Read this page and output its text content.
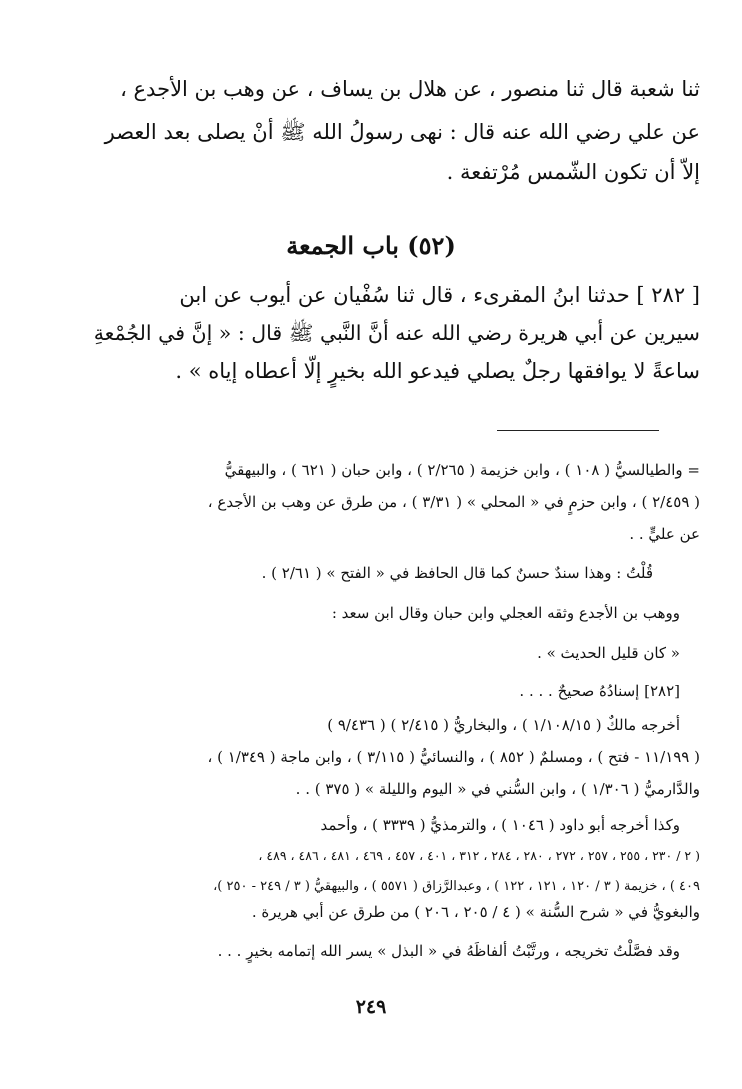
ثنا شعبة قال ثنا منصور ، عن هلال بن يساف ، عن وهب بن الأجدع ،
عن علي رضي الله عنه قال : نهى رسولُ الله ﷺ أنْ يصلى بعد العصر
إلاّ أن تكون الشّمس مُرْتفعة .
(٥٢) باب الجمعة
[ ٢٨٢ ] حدثنا ابنُ المقرىء ، قال ثنا سُفْيان عن أيوب عن ابن
سيرين عن أبي هريرة رضي الله عنه أنَّ النَّبي ﷺ قال : « إنَّ في الجُمْعةِ
ساعةً لا يوافقها رجلٌ يصلي فيدعو الله بخيرٍ إلّا أعطاه إياه » .
= والطيالسيُّ ( ١٠٨ ) ، وابن خزيمة ( ٢/٢٦٥ ) ، وابن حبان ( ٦٢١ ) ، والبيهقيُّ
( ٢/٤٥٩ ) ، وابن حزمٍ في « المحلي » ( ٣/٣١ ) ، من طرق عن وهب بن الأجدع ،
عن عليٍّ . .
قُلْتُ : وهذا سندٌ حسنٌ كما قال الحافظ في « الفتح » ( ٢/٦١ ) .
ووهب بن الأجدع وثقه العجلي وابن حبان وقال ابن سعد :
« كان قليل الحديث » .
[٢٨٢] إسنادُهُ صحيحٌ . . . .
أخرجه مالكٌ ( ١/١٠٨/١٥ ) ، والبخاريُّ ( ٢/٤١٥ ) ( ٩/٤٣٦ )
( ١١/١٩٩ - فتح ) ، ومسلمٌ ( ٨٥٢ ) ، والنسائيُّ ( ٣/١١٥ ) ، وابن ماجة ( ١/٣٤٩ ) ،
والدَّارميُّ ( ١/٣٠٦ ) ، وابن السُّني في « اليوم والليلة » ( ٣٧٥ ) . .
وكذا أخرجه أبو داود ( ١٠٤٦ ) ، والترمذيُّ ( ٣٣٣٩ ) ، وأحمد
( ٢ / ٢٣٠ ، ٢٥٥ ، ٢٥٧ ، ٢٧٢ ، ٢٨٠ ، ٢٨٤ ، ٣١٢ ، ٤٠١ ، ٤٥٧ ، ٤٦٩ ، ٤٨١ ، ٤٨٦ ، ٤٨٩ ،
٤٠٩ ) ، خزيمة ( ٣ / ١٢٠ ، ١٢١ ، ١٢٢ ) ، وعبدالرَّزاق ( ٥٥٧١ ) ، والبيهقيُّ ( ٣ / ٢٤٩ - ٢٥٠ )،
والبغويُّ في « شرح السُّنة » ( ٤ / ٢٠٥ ، ٢٠٦ ) من طرق عن أبي هريرة .
وقد فصَّلْتُ تخريجه ، ورتَّبْتُ ألفاظَهُ في « البذل » يسر الله إتمامه بخيرٍ . . .
٢٤٩
